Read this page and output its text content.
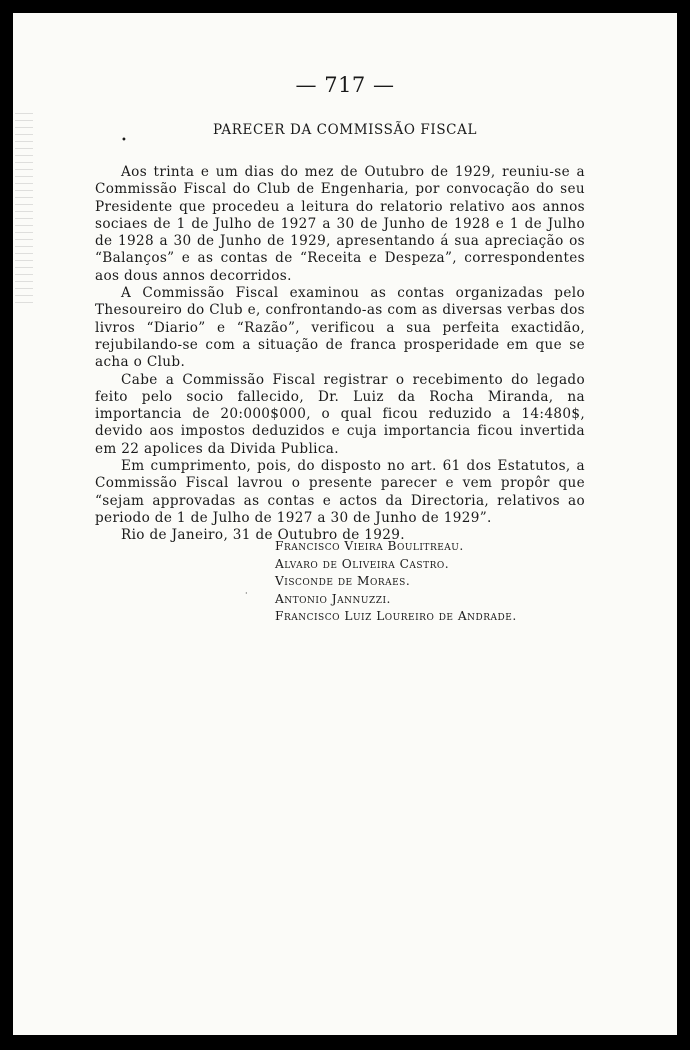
— 717 —
PARECER DA COMMISSÃO FISCAL
•

Aos trinta e um dias do mez de Outubro de 1929, reuniu-se a Commissão Fiscal do Club de Engenharia, por convocação do seu Presidente que procedeu a leitura do relatorio relativo aos annos sociaes de 1 de Julho de 1927 a 30 de Junho de 1928 e 1 de Julho de 1928 a 30 de Junho de 1929, apresentando á sua apreciação os “Balanços” e as contas de “Receita e Despeza”, correspondentes aos dous annos decorridos.

A Commissão Fiscal examinou as contas organizadas pelo Thesoureiro do Club e, confrontando-as com as diversas verbas dos livros “Diario” e “Razão”, verificou a sua perfeita exactidão, rejubilando-se com a situação de franca prosperidade em que se acha o Club.

Cabe a Commissão Fiscal registrar o recebimento do legado feito pelo socio fallecido, Dr. Luiz da Rocha Miranda, na importancia de 20:000$000, o qual ficou reduzido a 14:480$, devido aos impostos deduzidos e cuja importancia ficou invertida em 22 apolices da Divida Publica.

Em cumprimento, pois, do disposto no art. 61 dos Estatutos, a Commissão Fiscal lavrou o presente parecer e vem propôr que “sejam approvadas as contas e actos da Directoria, relativos ao periodo de 1 de Julho de 1927 a 30 de Junho de 1929”.

Rio de Janeiro, 31 de Outubro de 1929.

·
Francisco Vieira Boulitreau.
Alvaro de Oliveira Castro.
Visconde de Moraes.
Antonio Jannuzzi.
Francisco Luiz Loureiro de Andrade.
